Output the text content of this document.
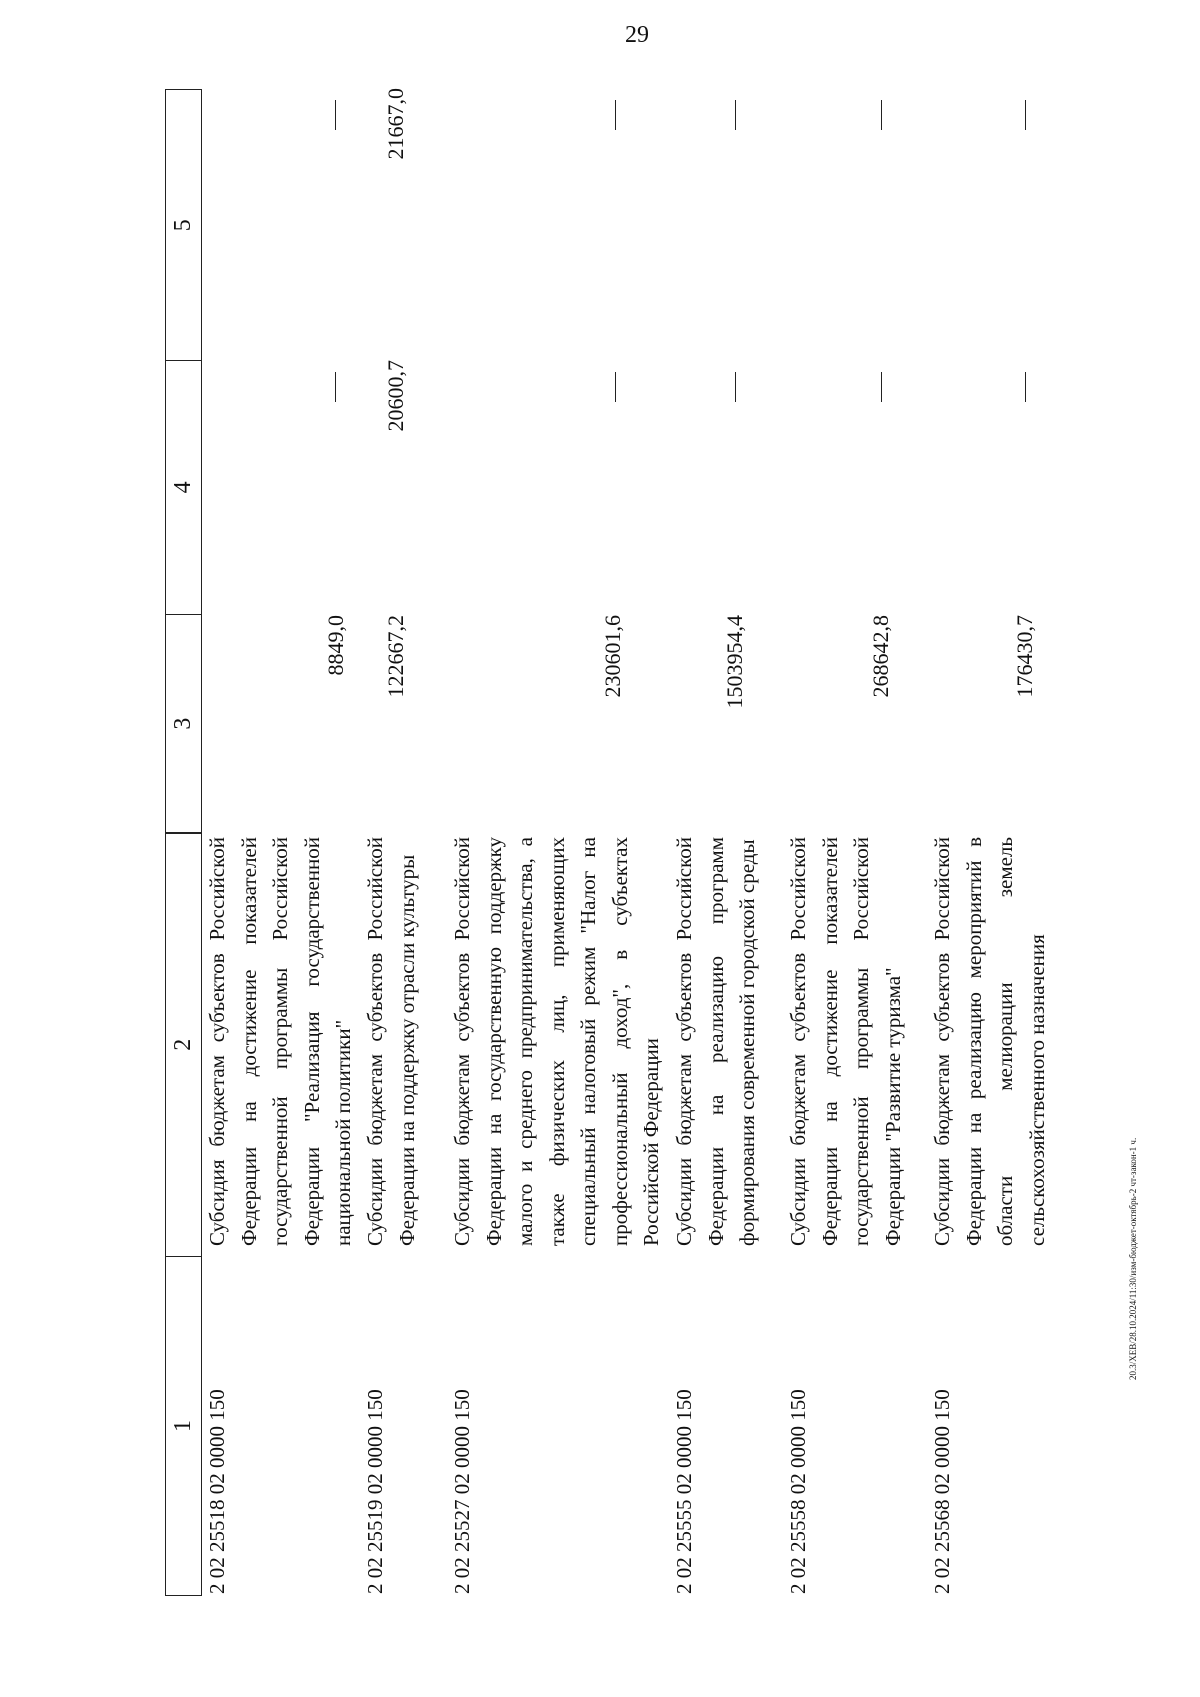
29
1
2
3
4
5
2 02 25518 02 0000 150
Субсидия бюджетам субъектов Российской Федерации на достижение показателей государственной программы Российской Федерации "Реализация государственной национальной политики"
8849,0
2 02 25519 02 0000 150
Субсидии бюджетам субъектов Российской Федерации на поддержку отрасли культуры
122667,2
20600,7
21667,0
2 02 25527 02 0000 150
Субсидии бюджетам субъектов Российской Федерации на государственную поддержку малого и среднего предпринимательства, а также физических лиц, применяющих специальный налоговый режим "Налог на профессиональный доход", в субъектах Российской Федерации
230601,6
2 02 25555 02 0000 150
Субсидии бюджетам субъектов Российской Федерации на реализацию программ формирования современной городской среды
1503954,4
2 02 25558 02 0000 150
Субсидии бюджетам субъектов Российской Федерации на достижение показателей государственной программы Российской Федерации "Развитие туризма"
268642,8
2 02 25568 02 0000 150
Субсидии бюджетам субъектов Российской Федерации на реализацию мероприятий в области мелиорации земель сельскохозяйственного назначения
176430,7
20.3/ХЕВ/28.10.2024/11:30/изм-бюджет-октябрь-2 чт-закон-1 ч.
